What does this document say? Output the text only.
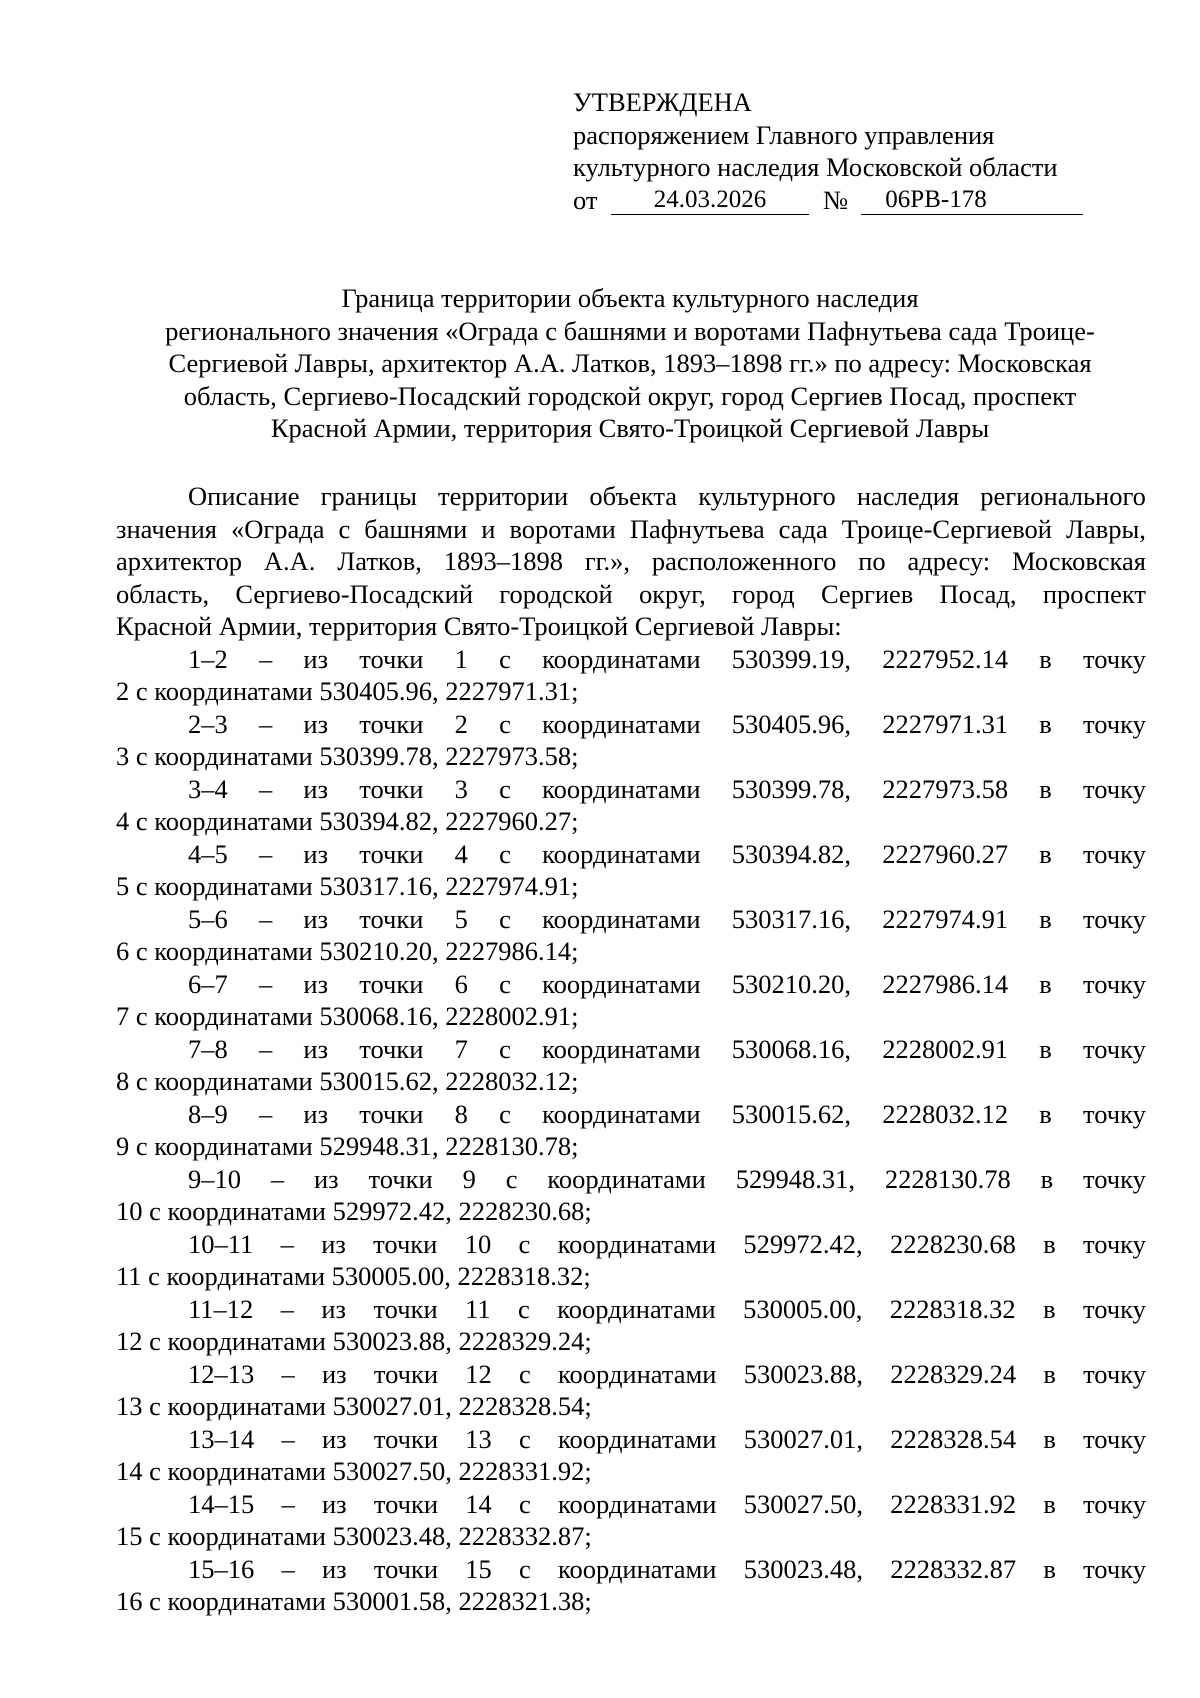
УТВЕРЖДЕНА
распоряжением Главного управления
культурного наследия Московской области
от	24.03.2026	№	06РВ-178
Граница территории объекта культурного наследия
регионального значения «Ограда с башнями и воротами Пафнутьева сада Троице-
Сергиевой Лавры, архитектор А.А. Латков, 1893–1898 гг.» по адресу: Московская
область, Сергиево-Посадский городской округ, город Сергиев Посад, проспект
Красной Армии, территория Свято-Троицкой Сергиевой Лавры
Описание границы территории объекта культурного наследия регионального
значения «Ограда с башнями и воротами Пафнутьева сада Троице-Сергиевой Лавры,
архитектор А.А. Латков, 1893–1898 гг.», расположенного по адресу: Московская
область, Сергиево-Посадский городской округ, город Сергиев Посад, проспект
Красной Армии, территория Свято-Троицкой Сергиевой Лавры:
1–2 – из точки 1 с координатами 530399.19, 2227952.14 в точку
2 с координатами 530405.96, 2227971.31;
2–3 – из точки 2 с координатами 530405.96, 2227971.31 в точку
3 с координатами 530399.78, 2227973.58;
3–4 – из точки 3 с координатами 530399.78, 2227973.58 в точку
4 с координатами 530394.82, 2227960.27;
4–5 – из точки 4 с координатами 530394.82, 2227960.27 в точку
5 с координатами 530317.16, 2227974.91;
5–6 – из точки 5 с координатами 530317.16, 2227974.91 в точку
6 с координатами 530210.20, 2227986.14;
6–7 – из точки 6 с координатами 530210.20, 2227986.14 в точку
7 с координатами 530068.16, 2228002.91;
7–8 – из точки 7 с координатами 530068.16, 2228002.91 в точку
8 с координатами 530015.62, 2228032.12;
8–9 – из точки 8 с координатами 530015.62, 2228032.12 в точку
9 с координатами 529948.31, 2228130.78;
9–10 – из точки 9 с координатами 529948.31, 2228130.78 в точку
10 с координатами 529972.42, 2228230.68;
10–11 – из точки 10 с координатами 529972.42, 2228230.68 в точку
11 с координатами 530005.00, 2228318.32;
11–12 – из точки 11 с координатами 530005.00, 2228318.32 в точку
12 с координатами 530023.88, 2228329.24;
12–13 – из точки 12 с координатами 530023.88, 2228329.24 в точку
13 с координатами 530027.01, 2228328.54;
13–14 – из точки 13 с координатами 530027.01, 2228328.54 в точку
14 с координатами 530027.50, 2228331.92;
14–15 – из точки 14 с координатами 530027.50, 2228331.92 в точку
15 с координатами 530023.48, 2228332.87;
15–16 – из точки 15 с координатами 530023.48, 2228332.87 в точку
16 с координатами 530001.58, 2228321.38;
